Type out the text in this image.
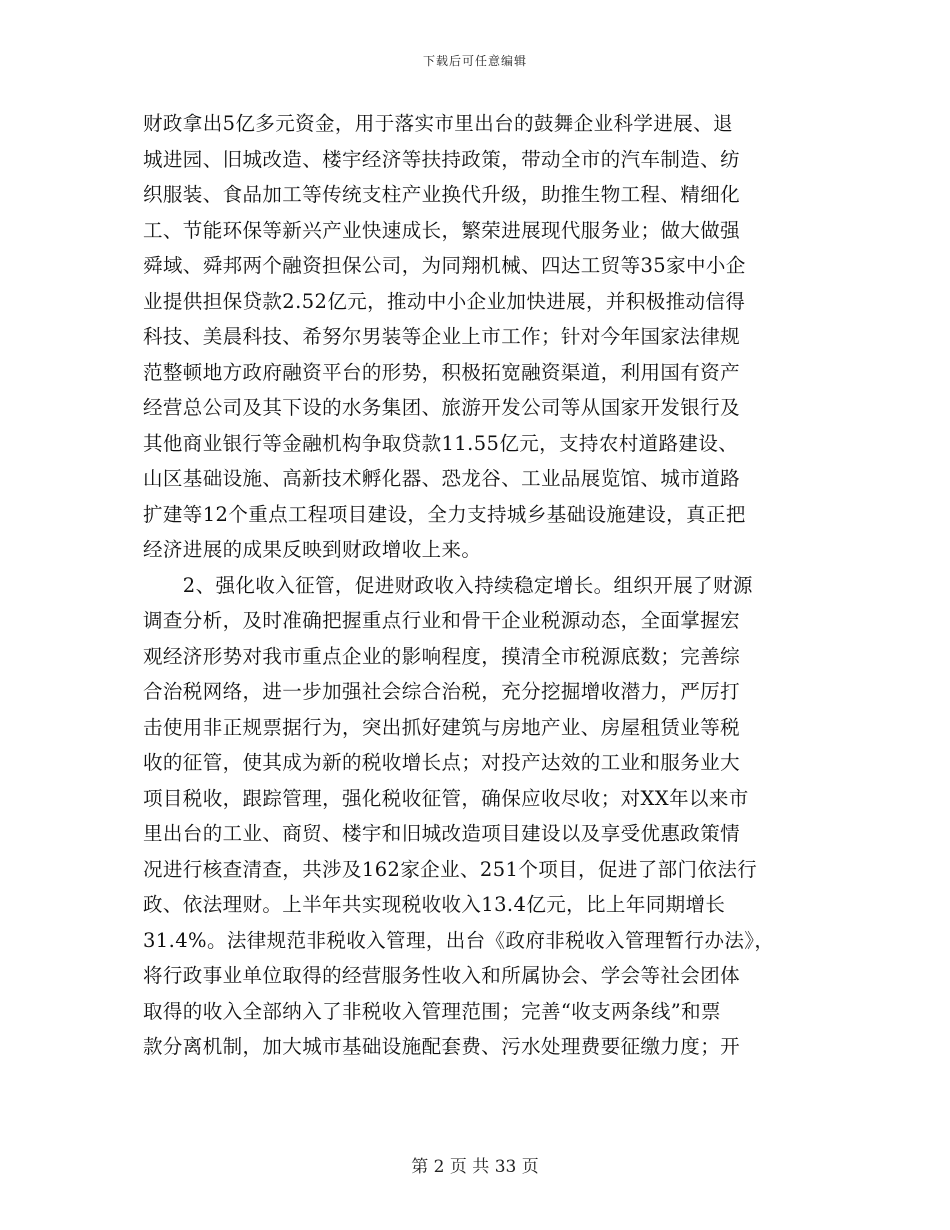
下载后可任意编辑
财政拿出5亿多元资金，用于落实市里出台的鼓舞企业科学进展、退
城进园、旧城改造、楼宇经济等扶持政策，带动全市的汽车制造、纺
织服装、食品加工等传统支柱产业换代升级，助推生物工程、精细化
工、节能环保等新兴产业快速成长，繁荣进展现代服务业；做大做强
舜域、舜邦两个融资担保公司，为同翔机械、四达工贸等35家中小企
业提供担保贷款2.52亿元，推动中小企业加快进展，并积极推动信得
科技、美晨科技、希努尔男装等企业上市工作；针对今年国家法律规
范整顿地方政府融资平台的形势，积极拓宽融资渠道，利用国有资产
经营总公司及其下设的水务集团、旅游开发公司等从国家开发银行及
其他商业银行等金融机构争取贷款11.55亿元，支持农村道路建设、
山区基础设施、高新技术孵化器、恐龙谷、工业品展览馆、城市道路
扩建等12个重点工程项目建设，全力支持城乡基础设施建设，真正把
经济进展的成果反映到财政增收上来。
　　2、强化收入征管，促进财政收入持续稳定增长。组织开展了财源
调查分析，及时准确把握重点行业和骨干企业税源动态，全面掌握宏
观经济形势对我市重点企业的影响程度，摸清全市税源底数；完善综
合治税网络，进一步加强社会综合治税，充分挖掘增收潜力，严厉打
击使用非正规票据行为，突出抓好建筑与房地产业、房屋租赁业等税
收的征管，使其成为新的税收增长点；对投产达效的工业和服务业大
项目税收，跟踪管理，强化税收征管，确保应收尽收；对XX年以来市
里出台的工业、商贸、楼宇和旧城改造项目建设以及享受优惠政策情
况进行核查清查，共涉及162家企业、251个项目，促进了部门依法行
政、依法理财。上半年共实现税收收入13.4亿元，比上年同期增长
31.4%。法律规范非税收入管理，出台《政府非税收入管理暂行办法》，
将行政事业单位取得的经营服务性收入和所属协会、学会等社会团体
取得的收入全部纳入了非税收入管理范围；完善“收支两条线”和票
款分离机制，加大城市基础设施配套费、污水处理费要征缴力度；开
第 2 页 共 33 页
